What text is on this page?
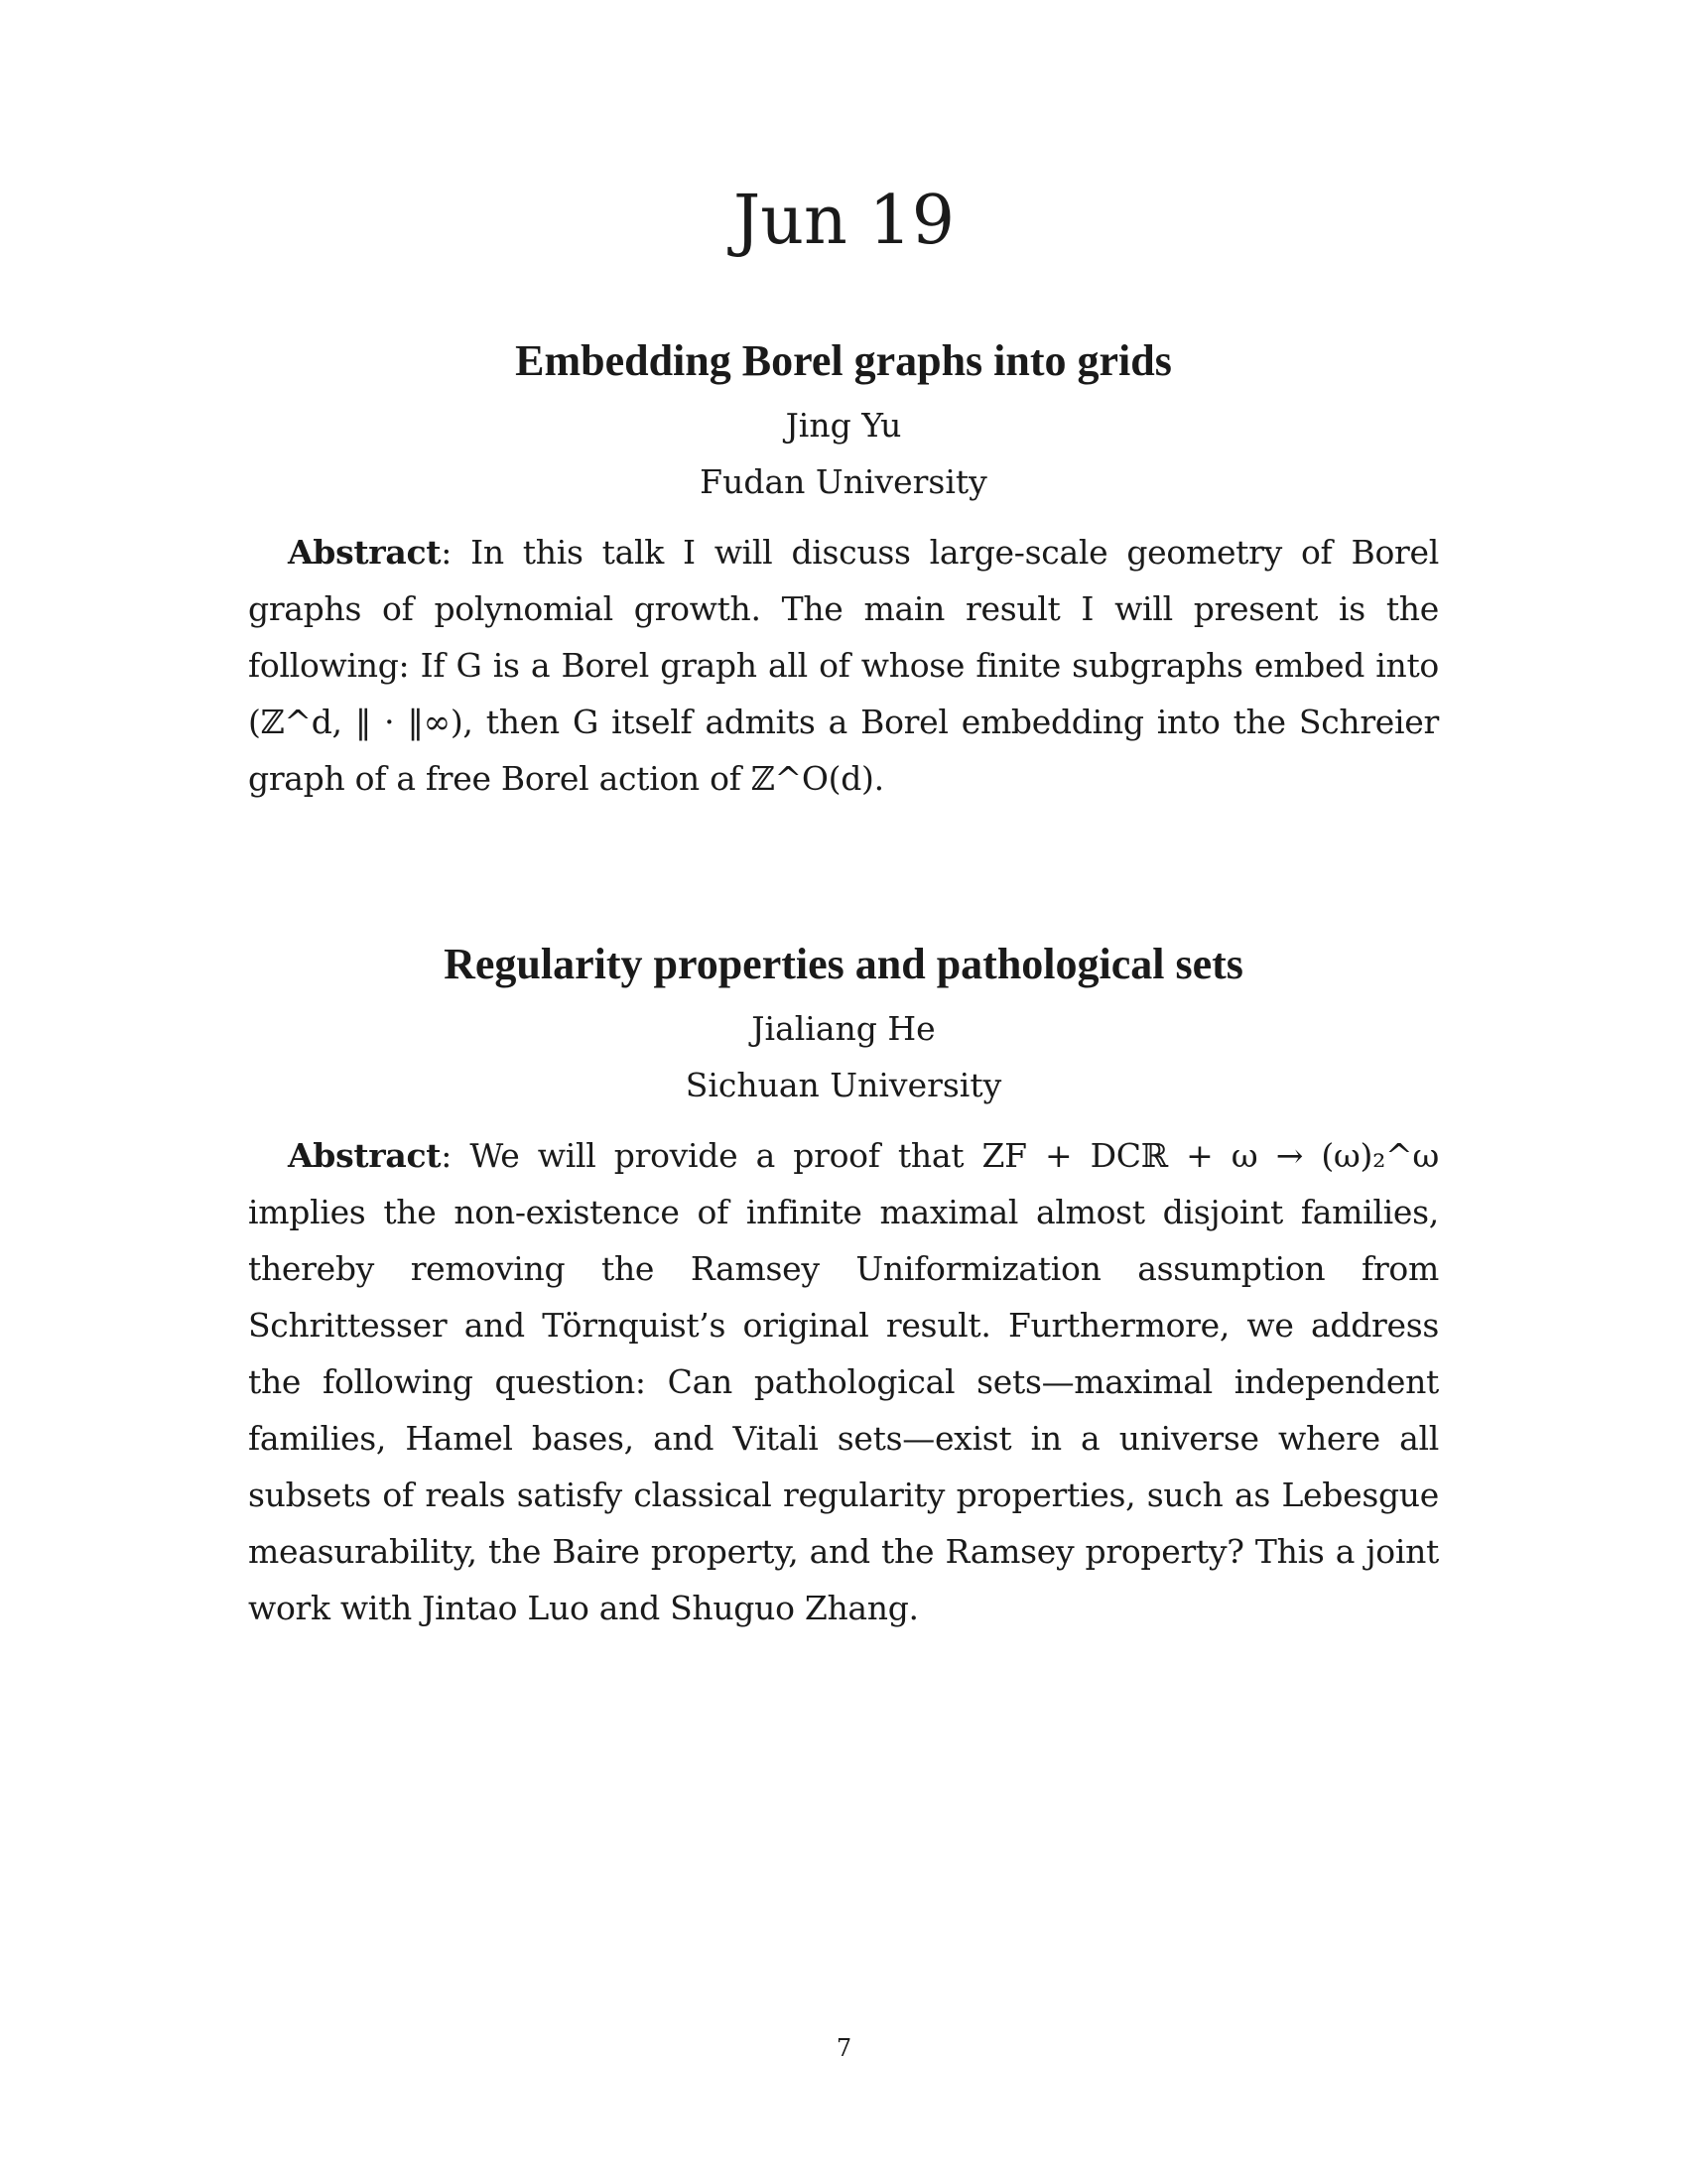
Jun 19
Embedding Borel graphs into grids
Jing Yu
Fudan University
Abstract: In this talk I will discuss large-scale geometry of Borel graphs of polynomial growth. The main result I will present is the following: If G is a Borel graph all of whose finite subgraphs embed into (ℤ^d, ‖ · ‖∞), then G itself admits a Borel embedding into the Schreier graph of a free Borel action of ℤ^O(d).
Regularity properties and pathological sets
Jialiang He
Sichuan University
Abstract: We will provide a proof that ZF + DCℝ + ω → (ω)₂^ω implies the non-existence of infinite maximal almost disjoint families, thereby removing the Ramsey Uniformization assumption from Schrittesser and Törnquist’s original result. Furthermore, we address the following question: Can pathological sets—maximal independent families, Hamel bases, and Vitali sets—exist in a universe where all subsets of reals satisfy classical regularity properties, such as Lebesgue measurability, the Baire property, and the Ramsey property? This a joint work with Jintao Luo and Shuguo Zhang.
7
